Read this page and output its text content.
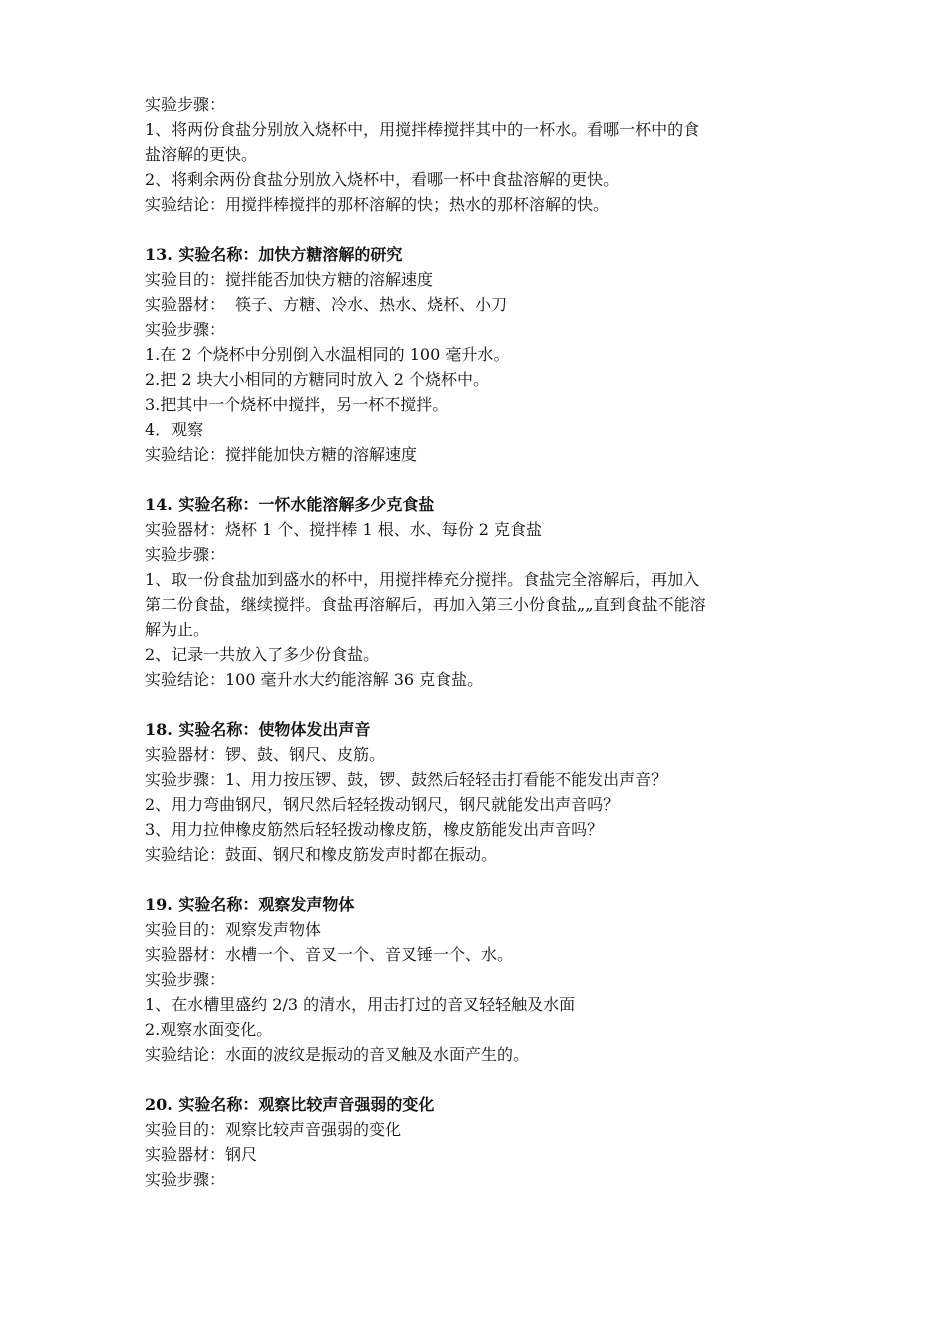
实验步骤：
1、将两份食盐分别放入烧杯中，用搅拌棒搅拌其中的一杯水。看哪一杯中的食
盐溶解的更快。
2、将剩余两份食盐分别放入烧杯中，看哪一杯中食盐溶解的更快。
实验结论：用搅拌棒搅拌的那杯溶解的快；热水的那杯溶解的快。
13. 实验名称：加快方糖溶解的研究
实验目的：搅拌能否加快方糖的溶解速度
实验器材：  筷子、方糖、冷水、热水、烧杯、小刀
实验步骤：
1.在 2 个烧杯中分别倒入水温相同的 100 毫升水。
2.把 2 块大小相同的方糖同时放入 2 个烧杯中。
3.把其中一个烧杯中搅拌，另一杯不搅拌。
4．观察
实验结论：搅拌能加快方糖的溶解速度
14. 实验名称：一怀水能溶解多少克食盐
实验器材：烧杯 1 个、搅拌棒 1 根、水、每份 2 克食盐
实验步骤：
1、取一份食盐加到盛水的杯中，用搅拌棒充分搅拌。食盐完全溶解后，再加入
第二份食盐，继续搅拌。食盐再溶解后，再加入第三小份食盐„„直到食盐不能溶
解为止。
2、记录一共放入了多少份食盐。
实验结论：100 毫升水大约能溶解 36 克食盐。
18. 实验名称：使物体发出声音
实验器材：锣、鼓、钢尺、皮筋。
实验步骤：1、用力按压锣、鼓，锣、鼓然后轻轻击打看能不能发出声音？
2、用力弯曲钢尺，钢尺然后轻轻拨动钢尺，钢尺就能发出声音吗？
3、用力拉伸橡皮筋然后轻轻拨动橡皮筋，橡皮筋能发出声音吗？
实验结论：鼓面、钢尺和橡皮筋发声时都在振动。
19. 实验名称：观察发声物体
实验目的：观察发声物体
实验器材：水槽一个、音叉一个、音叉锤一个、水。
实验步骤：
1、在水槽里盛约 2/3 的清水，用击打过的音叉轻轻触及水面
2.观察水面变化。
实验结论：水面的波纹是振动的音叉触及水面产生的。
20. 实验名称：观察比较声音强弱的变化
实验目的：观察比较声音强弱的变化
实验器材：钢尺
实验步骤：
